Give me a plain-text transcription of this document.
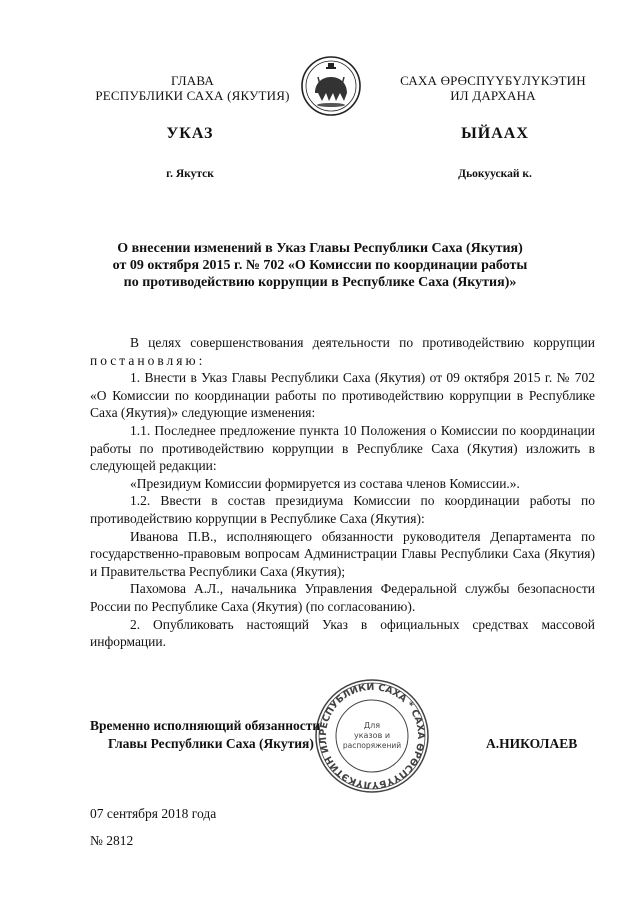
ГЛАВА
РЕСПУБЛИКИ САХА (ЯКУТИЯ)
САХА ӨРӨСПҮҮБҮЛҮКЭТИН
ИЛ ДАРХАНА
УКАЗ	ЫЙААХ
г. Якутск	Дьокуускай к.
О внесении изменений в Указ Главы Республики Саха (Якутия)
от 09 октября 2015 г. № 702 «О Комиссии по координации работы
по противодействию коррупции в Республике Саха (Якутия)»

В целях совершенствования деятельности по противодействию коррупции постановляю:

1. Внести в Указ Главы Республики Саха (Якутия) от 09 октября 2015 г. № 702 «О Комиссии по координации работы по противодействию коррупции в Республике Саха (Якутия)» следующие изменения:

1.1. Последнее предложение пункта 10 Положения о Комиссии по координации работы по противодействию коррупции в Республике Саха (Якутия) изложить в следующей редакции:

«Президиум Комиссии формируется из состава членов Комиссии.».

1.2. Ввести в состав президиума Комиссии по координации работы по противодействию коррупции в Республике Саха (Якутия):

Иванова П.В., исполняющего обязанности руководителя Департамента по государственно-правовым вопросам Администрации Главы Республики Саха (Якутия) и Правительства Республики Саха (Якутия);

Пахомова А.Л., начальника Управления Федеральной службы безопасности России по Республике Саха (Якутия) (по согласованию).

2. Опубликовать настоящий Указ в официальных средствах массовой информации.

РЕСПУБЛИКИ САХА * САХА ӨРӨСПҮҮБҮЛҮКЭТИН ИЛ
Для
указов и
распоряжений
Временно исполняющий обязанности
Главы Республики Саха (Якутия)	А.НИКОЛАЕВ
07 сентября 2018 года
№ 2812
